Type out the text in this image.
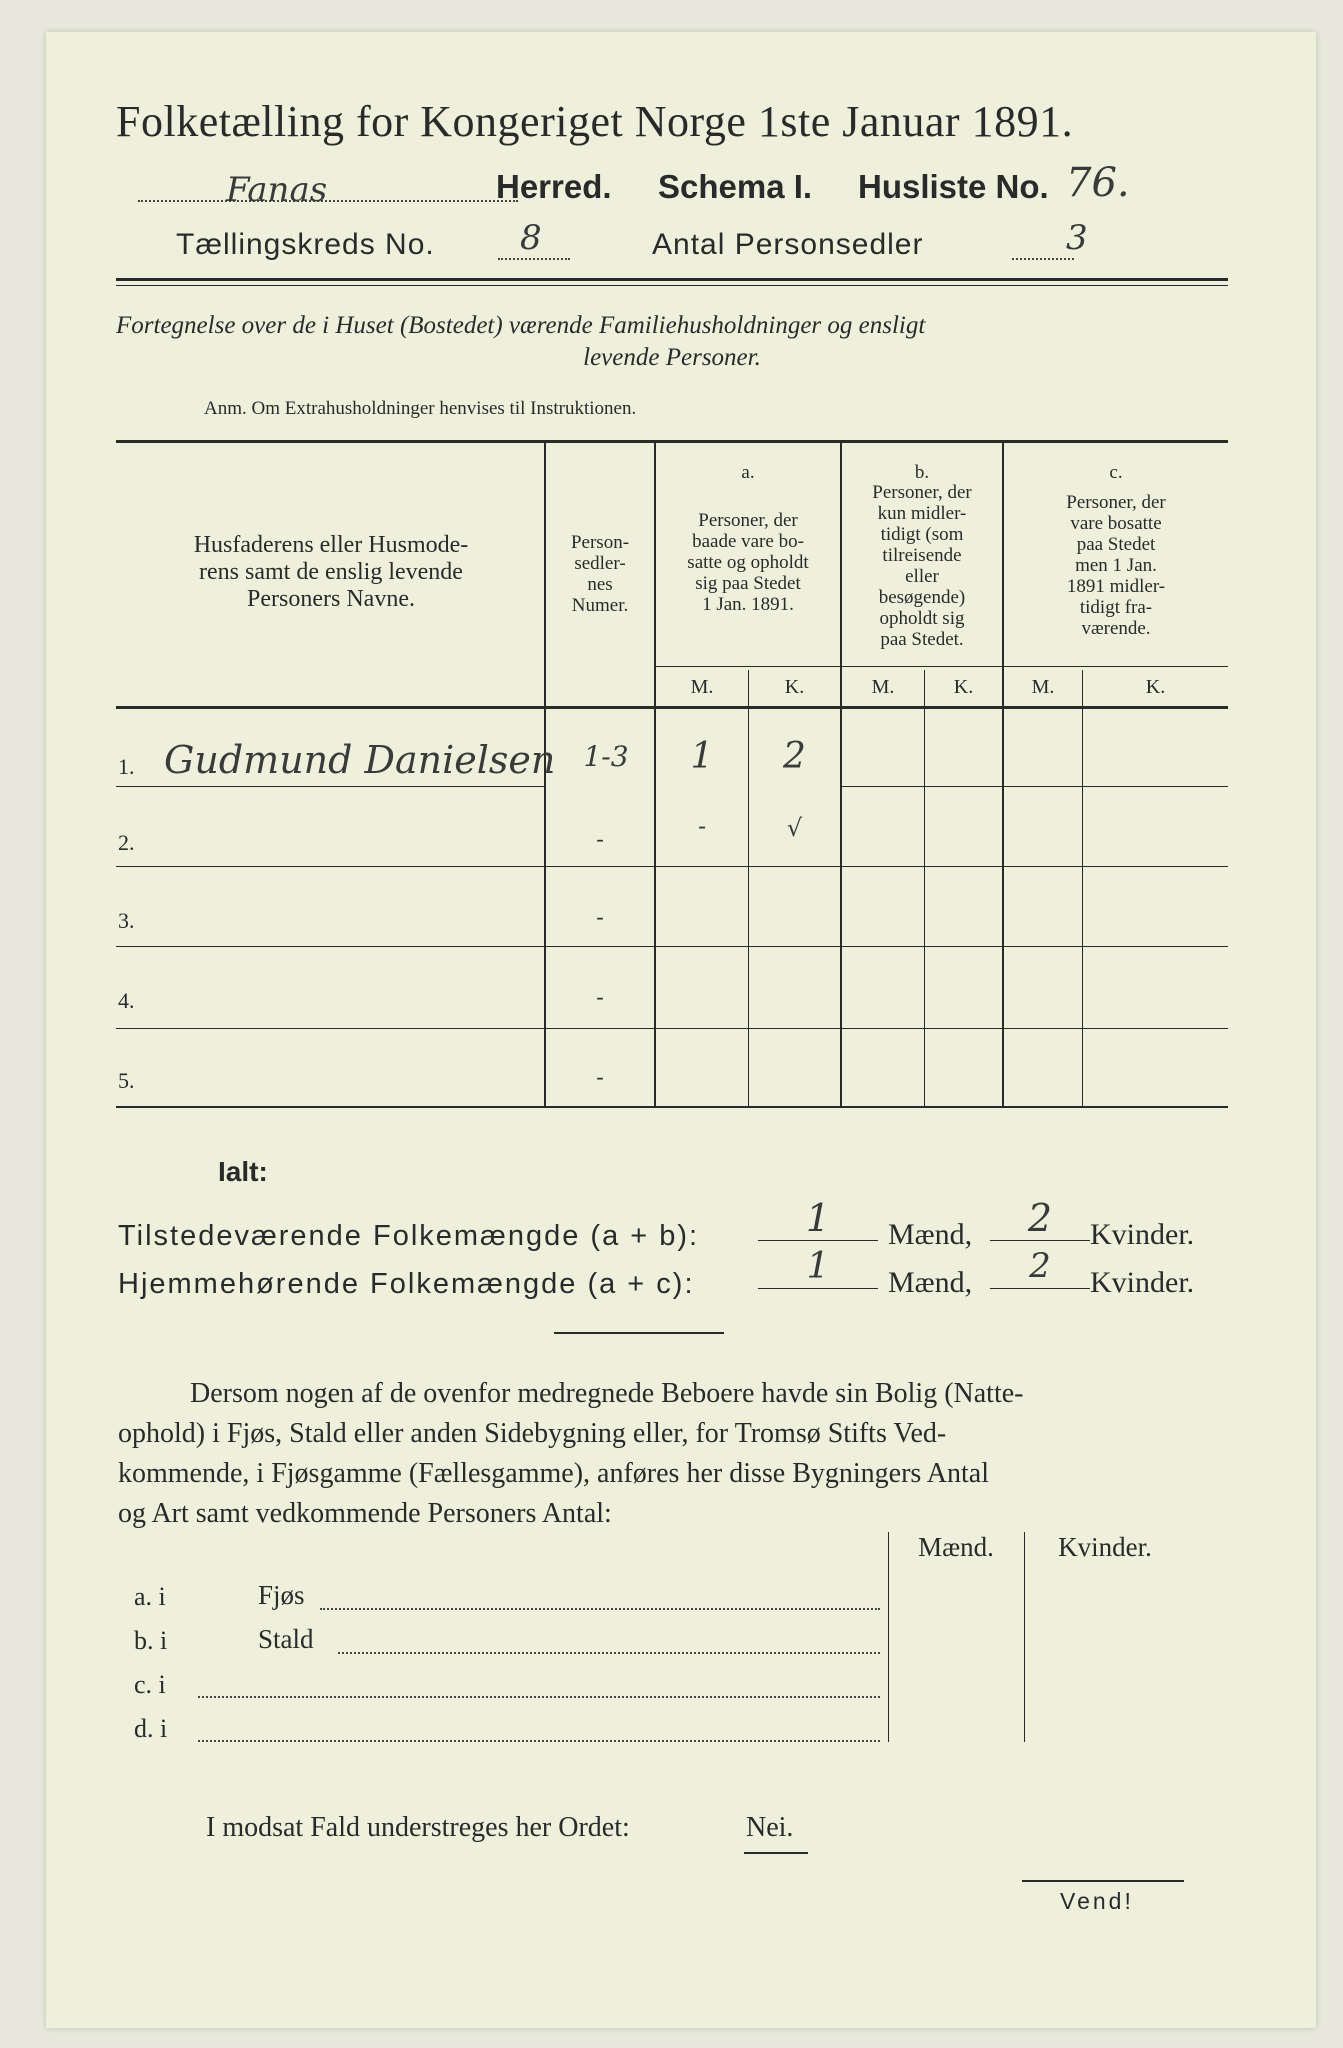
Folketælling for Kongeriget Norge 1ste Januar 1891.
Fanas	Herred. Schema I. Husliste No. 76.
Tællingskreds No.	8	Antal Personsedler	3
Fortegnelse over de i Huset (Bostedet) værende Familiehusholdninger og ensligt
levende Personer.
Anm. Om Extrahusholdninger henvises til Instruktionen.
Husfaderens eller Husmode-
rens samt de enslig levende
Personers Navne.
Person-
sedler-
nes
Numer.
a.
Personer, der
baade vare bo-
satte og opholdt
sig paa Stedet
1 Jan. 1891.
b.
Personer, der
kun midler-
tidigt (som
tilreisende
eller
besøgende)
opholdt sig
paa Stedet.
c.
Personer, der
vare bosatte
paa Stedet
men 1 Jan.
1891 midler-
tidigt fra-
værende.
M.	K.	M.	K.	M.	K.
1. Gudmund Danielsen	1-3	1	2
2.	-	-	√
3.	-
4.	-
5.	-
Ialt:
Tilstedeværende Folkemængde (a + b):	1	Mænd,	2	Kvinder.
Hjemmehørende Folkemængde (a + c):	1	Mænd,	2	Kvinder.
Dersom nogen af de ovenfor medregnede Beboere havde sin Bolig (Natte-
ophold) i Fjøs, Stald eller anden Sidebygning eller, for Tromsø Stifts Ved-
kommende, i Fjøsgamme (Fællesgamme), anføres her disse Bygningers Antal
og Art samt vedkommende Personers Antal:
Mænd.	Kvinder.
a. i	Fjøs
b. i	Stald
c. i
d. i
I modsat Fald understreges her Ordet:	Nei.
Vend!
